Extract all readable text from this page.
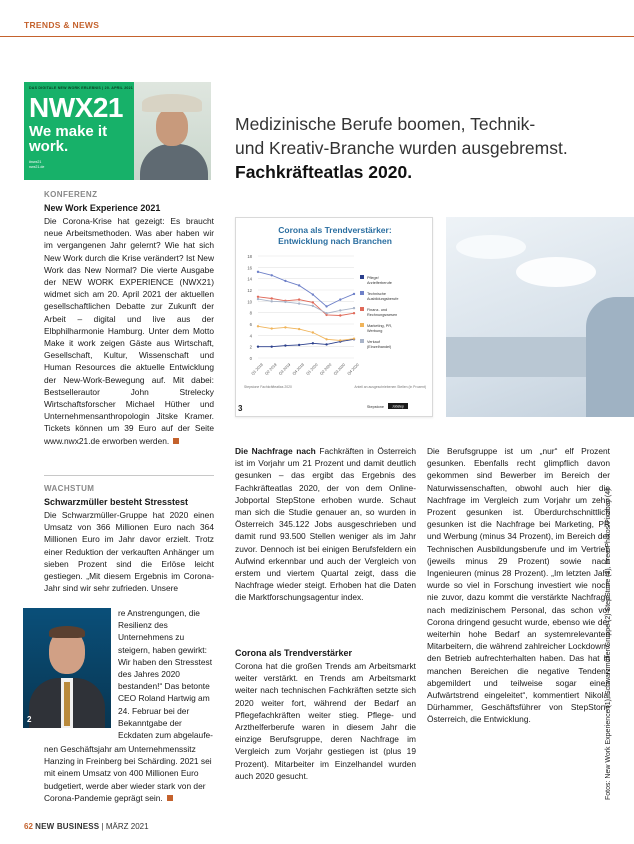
TRENDS & NEWS
DAS DIGITALE NEW WORK ERLEBNIS | 20. APRIL 2021
NWX21
We make it work.
#nwx21
nwx21.de
KONFERENZ
New Work Experience 2021
Die Corona-Krise hat gezeigt: Es braucht neue Arbeitsmethoden. Was aber haben wir im vergangenen Jahr gelernt? Wie hat sich New Work durch die Krise verändert? Ist New Work das New Normal? Die vierte Ausgabe der NEW WORK EXPERIENCE (NWX21) widmet sich am 20. April 2021 der aktuellen gesellschaftlichen Debatte zur Zukunft der Arbeit – digital und live aus der Elbphilharmonie Hamburg. Unter dem Motto Make it work zeigen Gäste aus Wirtschaft, Gesellschaft, Kultur, Wissenschaft und Human Resources die aktuelle Entwicklung der New-Work-Bewegung auf. Mit dabei: Bestsellerautor John Strelecky Wirtschaftsforscher Michael Hüther und Unternehmensanthropologin Jitske Kramer. Tickets können um 39 Euro auf der Seite www.nwx21.de erworben werden.
WACHSTUM
Schwarzmüller besteht Stresstest
Die Schwarzmüller-Gruppe hat 2020 einen Umsatz von 366 Millionen Euro nach 364 Millionen Euro im Jahr davor erzielt. Trotz einer Reduktion der verkauften Anhänger um sieben Prozent sind die Erlöse leicht gestiegen. „Mit diesem Ergebnis im Corona-Jahr sind wir sehr zufrieden. Unsere
2
re Anstrengungen, die Resilienz des Unternehmens zu steigern, haben gewirkt: Wir haben den Stresstest des Jahres 2020 bestanden!“ Das betonte CEO Roland Hartwig am 24. Februar bei der Bekanntgabe der Eckdaten zum abgelaufe-
nen Geschäftsjahr am Unternehmenssitz Hanzing in Freinberg bei Schärding. 2021 sei mit einem Umsatz von 400 Millionen Euro budgetiert, werde aber wieder stark von der Corona-Pandemie geprägt sein.
Medizinische Berufe boomen, Technik-
und Kreativ-Branche wurden ausgebremst.
Fachkräfteatlas 2020.
Corona als Trendverstärker:
Entwicklung nach Branchen
0
2
4
6
8
10
12
14
16
18
Q1 2019 Q2 2019 Q3 2019 Q4 2019 Q1 2020 Q2 2020 Q3 2020 Q4 2020
Pflege/
Arztelferberufe
Technische
Ausbildungsberufe
Finanz- und
Rechnungswesen
Marketing, PR,
Werbung
Verkauf
(Einzelhandel)
Stepstone Fachkräfteatlas 2020	Anteil an ausgeschriebenen Stellen (in Prozent)
Stepstone Jobstep
3
Die Nachfrage nach Fachkräften in Österreich ist im Vorjahr um 21 Prozent und damit deutlich gesunken – das ergibt das Ergebnis des Fachkräfteatlas 2020, der von dem Online-Jobportal StepStone erhoben wurde. Schaut man sich die Studie genauer an, so wurden in Österreich 345.122 Jobs ausgeschrieben und damit rund 93.500 Stellen weniger als im Jahr zuvor. Dennoch ist bei einigen Berufsfeldern ein Aufwind erkennbar und auch der Vergleich von erstem und viertem Quartal zeigt, dass die Nachfrage wieder steigt. Erhoben hat die Daten die Marktforschungsagentur index.
Corona als Trendverstärker
Corona hat die großen Trends am Arbeitsmarkt weiter verstärkt. en Trends am Arbeitsmarkt weiter nach technischen Fachkräften setzte sich 2020 weiter fort, während der Bedarf an Pflegefachkräften weiter stieg. Pflege- und Arzthelferberufe waren in diesem Jahr die einzige Berufsgruppe, deren Nachfrage im Vergleich zum Vorjahr gestiegen ist (plus 19 Prozent). Mitarbeiter im Einzelhandel wurden auch 2020 gesucht.
Die Berufsgruppe ist um „nur“ elf Prozent gesunken. Ebenfalls recht glimpflich davon gekommen sind Bewerber im Bereich der Naturwissenschaften, obwohl auch hier die Nachfrage im Vergleich zum Vorjahr um zehn Prozent gesunken ist. Überdurchschnittlich gesunken ist die Nachfrage bei Marketing, PR und Werbung (minus 34 Prozent), im Bereich der Technischen Ausbildungsberufe und im Vertrieb (jeweils minus 29 Prozent) sowie nach Ingenieuren (minus 28 Prozent). „Im letzten Jahr wurde so viel in Forschung investiert wie noch nie zuvor, dazu kommt die verstärkte Nachfrage nach medizinischem Personal, das schon vor Corona dringend gesucht wurde, ebenso wie der weiterhin hohe Bedarf an systemrelevanten Mitarbeitern, die während zahlreicher Lockdowns den Betrieb aufrechterhalten haben. Das hat in manchen Bereichen die negative Tendenz abgemildert und teilweise sogar einen Aufwärtstrend eingeleitet“, kommentiert Nikolai Dürhammer, Geschäftsführer von StepStone Österreich, die Entwicklung.	Fotos: New Work Experience (1), Schwarzmüller Gruppe (2) StepStone (3), Free-Photos/Pixabay (4)
62 NEW BUSINESS | MÄRZ 2021
